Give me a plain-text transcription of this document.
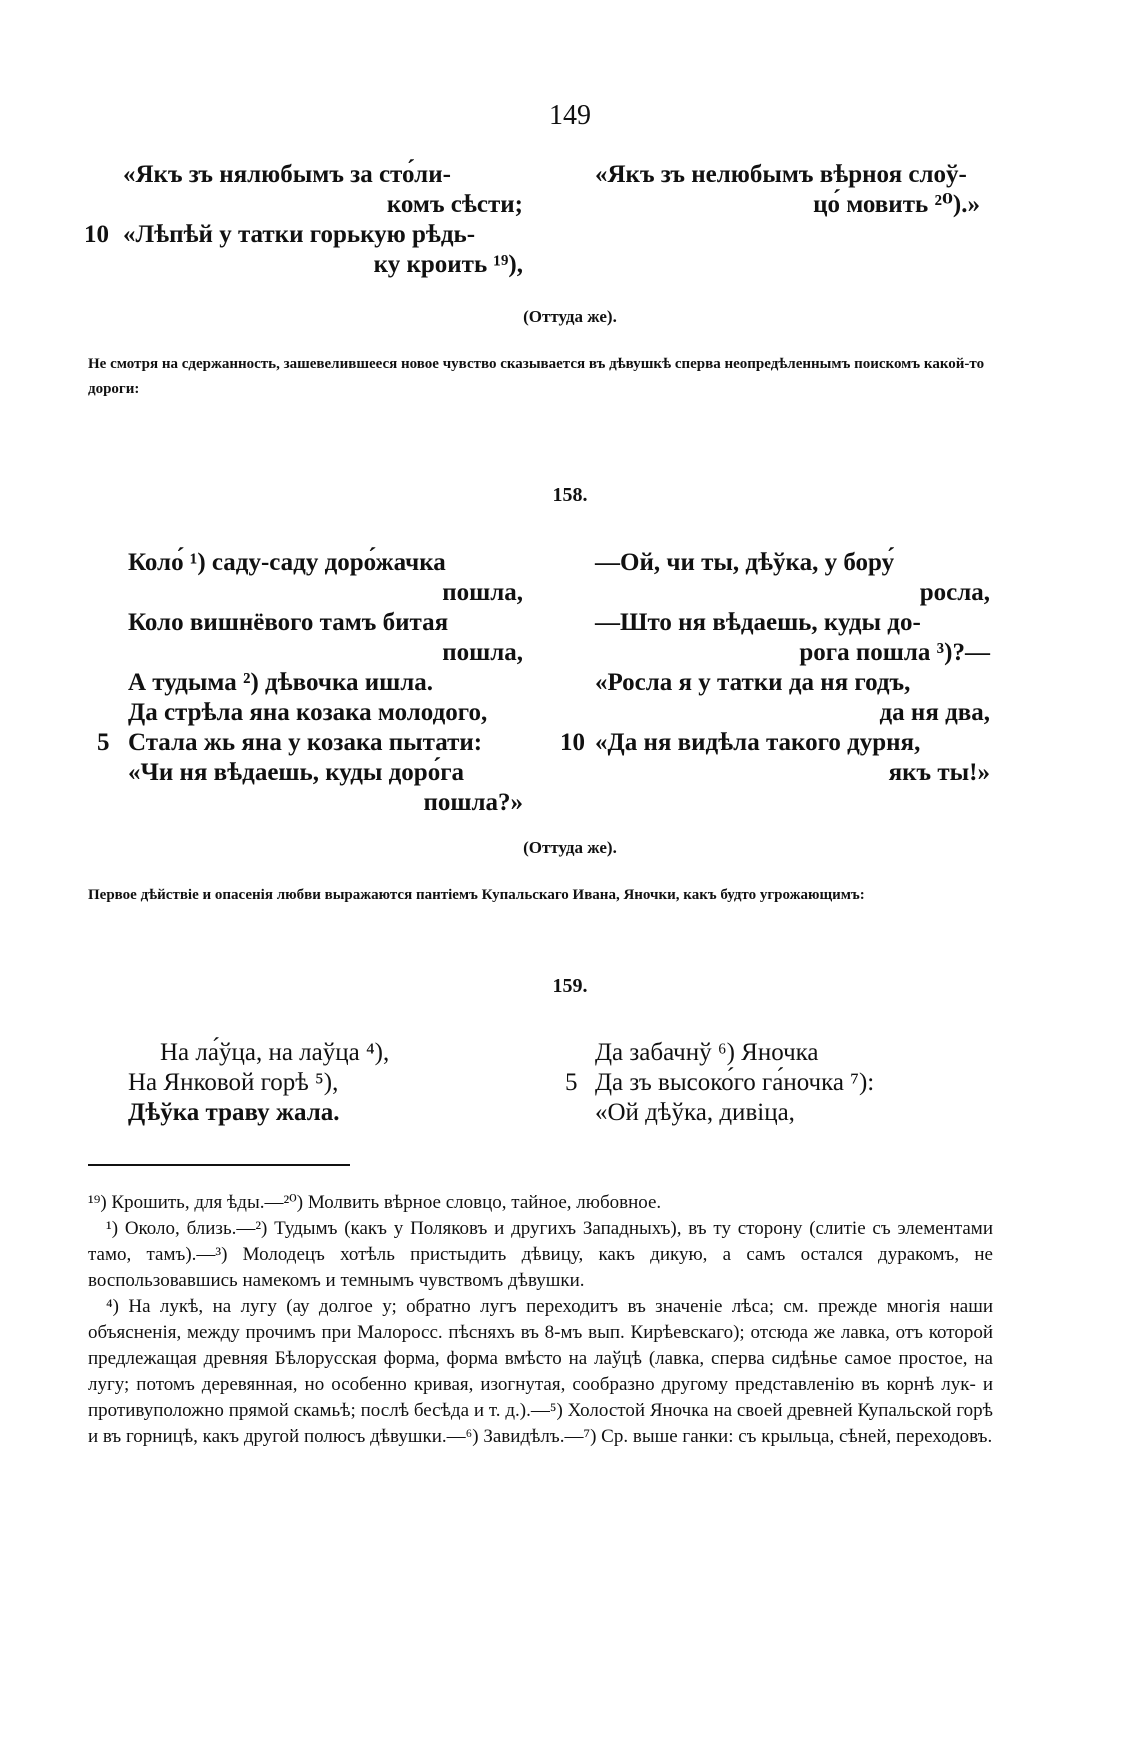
149
«Якъ зъ нялюбымъ за сто́ли-
комъ сѣсти;
10 «Лѣпѣй у татки горькую рѣдь-
ку кроить ¹⁹),
«Якъ зъ нелюбымъ вѣрноя слоў-
цо́ мовить ²⁰).»
(Оттуда же).
Не смотря на сдержанность, зашевелившееся новое чувство сказывается въ дѣвушкѣ сперва неопредѣленнымъ поискомъ какой-то дороги:
158.
Коло́ ¹) саду-саду доро́жачка
пошла,
Коло вишнёвого тамъ битая
пошла,
А тудыма ²) дѣвочка ишла.
Да стрѣла яна козака молодого,
5 Стала жь яна у козака пытати:
«Чи ня вѣдаешь, куды доро́га
пошла?»
—Ой, чи ты, дѣўка, у бору́
росла,
—Што ня вѣдаешь, куды до-
рога пошла ³)?—
«Росла я у татки да ня годъ,
да ня два,
10 «Да ня видѣла такого дурня,
якъ ты!»
(Оттуда же).
Первое дѣйствіе и опасенія любви выражаются пантіемъ Купальскаго Ивана, Яночки, какъ будто угрожающимъ:
159.
На ла́ўца, на лаўца ⁴),
На Янковой горѣ ⁵),
Дѣўка траву жала.
Да забачнў ⁶) Яночка
5 Да зъ высоко́го га́ночка ⁷):
«Ой дѣўка, дивіца,

¹⁹) Крошить, для ѣды.—²⁰) Молвить вѣрное словцо, тайное, любовное.

¹) Около, близь.—²) Тудымъ (какъ у Поляковъ и другихъ Западныхъ), въ ту сторону (слитіе съ элементами тамо, тамъ).—³) Молодецъ хотѣль пристыдить дѣвицу, какъ дикую, а самъ остался дуракомъ, не воспользовавшись намекомъ и темнымъ чувствомъ дѣвушки.

⁴) На лукѣ, на лугу (ау долгое у; обратно лугъ переходитъ въ значеніе лѣса; см. прежде многія наши объясненія, между прочимъ при Малоросс. пѣсняхъ въ 8-мъ вып. Кирѣевскаго); отсюда же лавка, отъ которой предлежащая древняя Бѣлорусская форма, форма вмѣсто на лаўцѣ (лавка, сперва сидѣнье самое простое, на лугу; потомъ деревянная, но особенно кривая, изогнутая, сообразно другому представленію въ корнѣ лук- и противуположно прямой скамьѣ; послѣ бесѣда и т. д.).—⁵) Холостой Яночка на своей древней Купальской горѣ и въ горницѣ, какъ другой полюсъ дѣвушки.—⁶) Завидѣлъ.—⁷) Ср. выше ганки: съ крыльца, сѣней, переходовъ.
